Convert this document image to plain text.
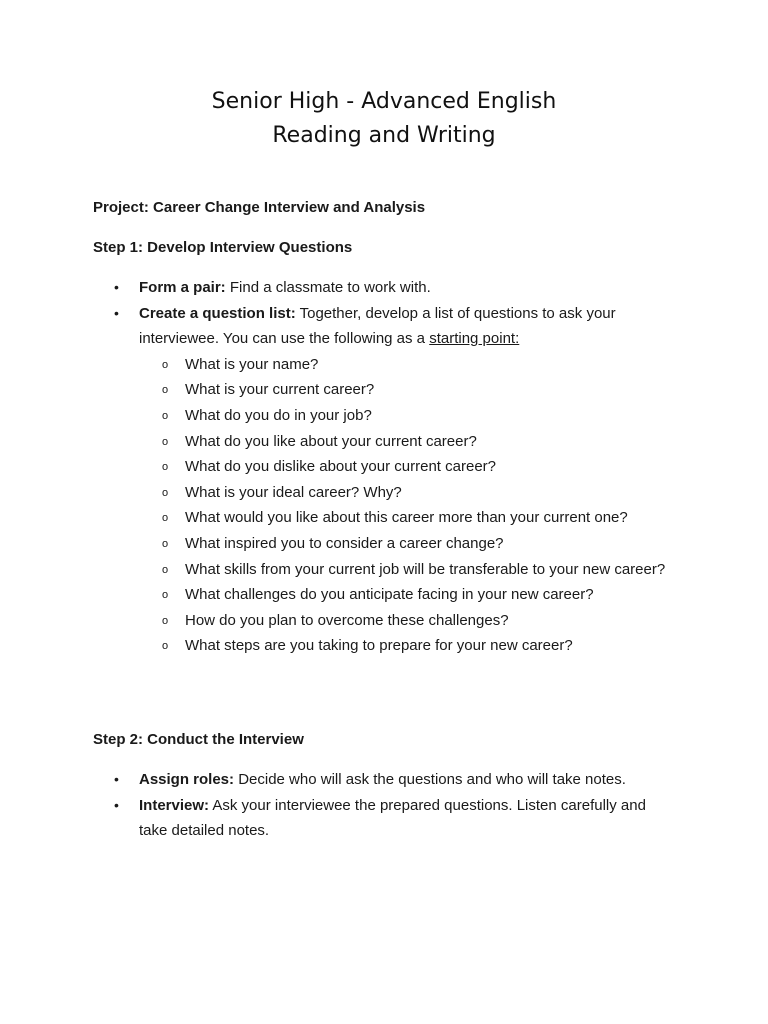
Senior High - Advanced English
Reading and Writing
Project: Career Change Interview and Analysis
Step 1: Develop Interview Questions
• Form a pair: Find a classmate to work with.
• Create a question list: Together, develop a list of questions to ask your interviewee. You can use the following as a starting point:
o What is your name?
o What is your current career?
o What do you do in your job?
o What do you like about your current career?
o What do you dislike about your current career?
o What is your ideal career? Why?
o What would you like about this career more than your current one?
o What inspired you to consider a career change?
o What skills from your current job will be transferable to your new career?
o What challenges do you anticipate facing in your new career?
o How do you plan to overcome these challenges?
o What steps are you taking to prepare for your new career?
Step 2: Conduct the Interview
• Assign roles: Decide who will ask the questions and who will take notes.
• Interview: Ask your interviewee the prepared questions. Listen carefully and take detailed notes.
